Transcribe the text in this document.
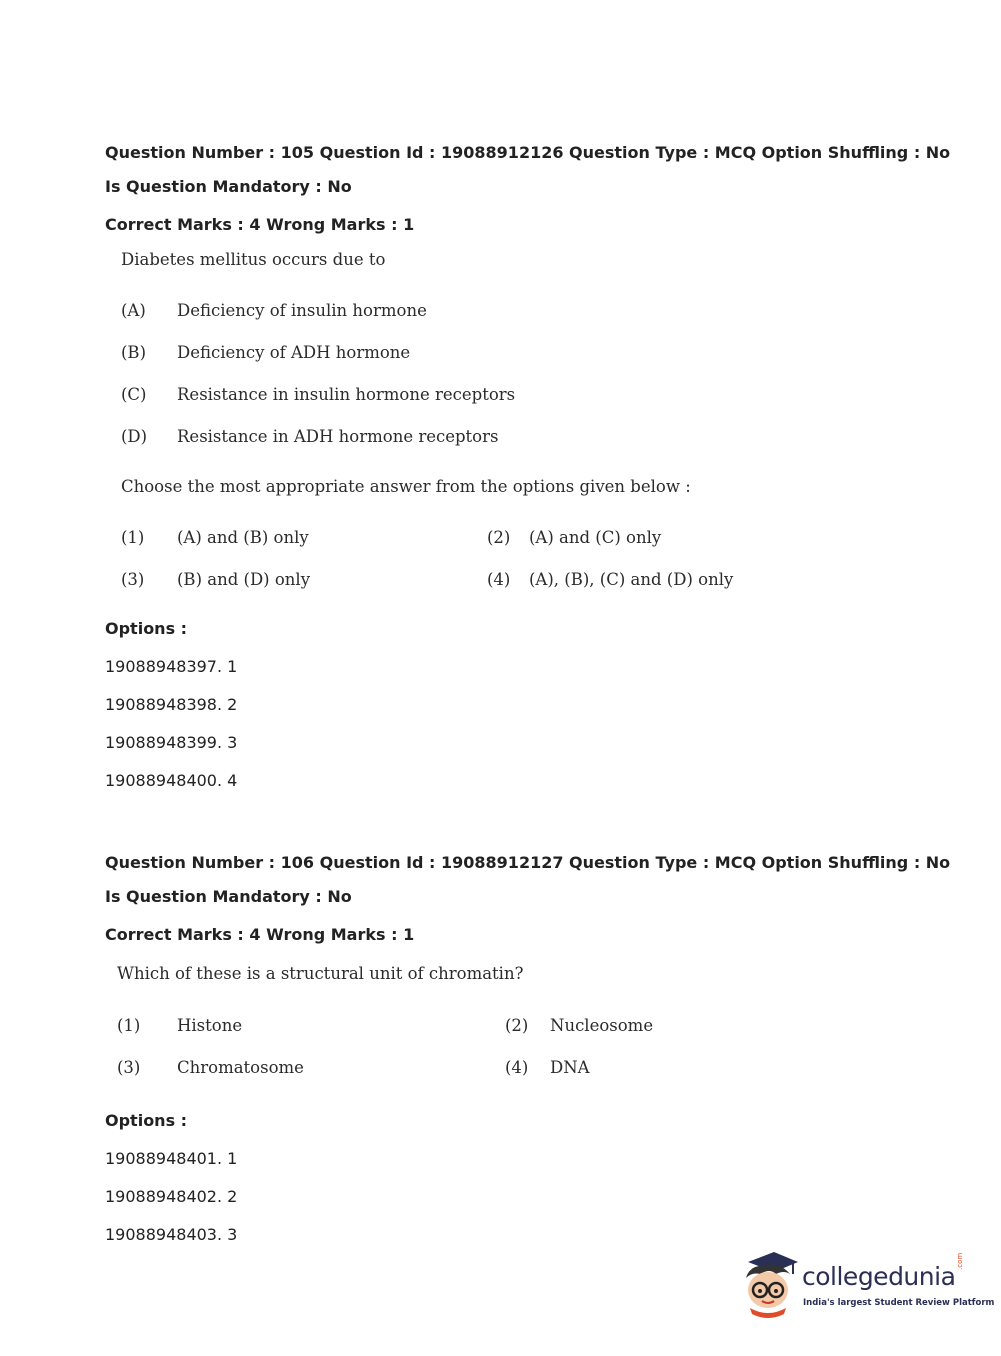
Question Number : 105 Question Id : 19088912126 Question Type : MCQ Option Shuffling : No
Is Question Mandatory : No
Correct Marks : 4 Wrong Marks : 1
Diabetes mellitus occurs due to
(A) Deficiency of insulin hormone
(B) Deficiency of ADH hormone
(C) Resistance in insulin hormone receptors
(D) Resistance in ADH hormone receptors
Choose the most appropriate answer from the options given below :
(1) (A) and (B) only	(2) (A) and (C) only
(3) (B) and (D) only	(4) (A), (B), (C) and (D) only
Options :
19088948397. 1
19088948398. 2
19088948399. 3
19088948400. 4
Question Number : 106 Question Id : 19088912127 Question Type : MCQ Option Shuffling : No
Is Question Mandatory : No
Correct Marks : 4 Wrong Marks : 1
Which of these is a structural unit of chromatin?
(1) Histone	(2) Nucleosome
(3) Chromatosome	(4) DNA
Options :
19088948401. 1
19088948402. 2
19088948403. 3
collegedunia
.com
India's largest Student Review Platform
